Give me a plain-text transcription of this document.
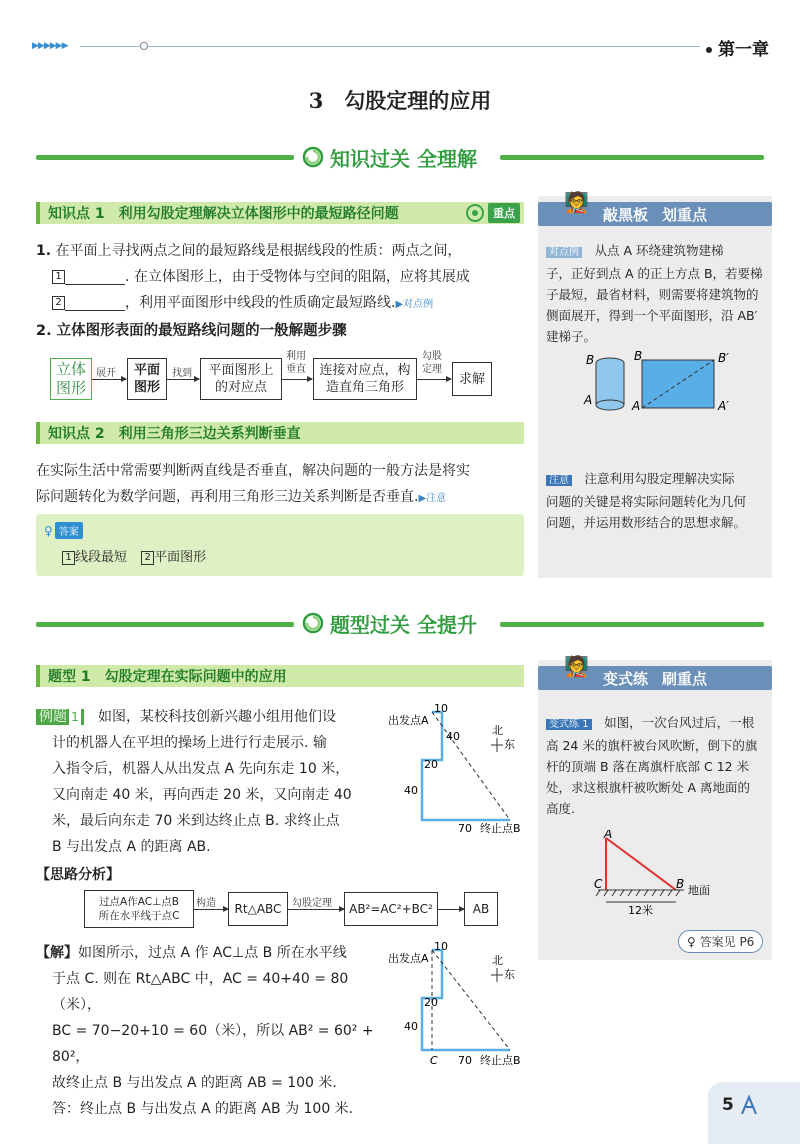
▶▶▶▶▶▶	第一章
3　勾股定理的应用
知识过关 全理解
知识点 1　利用勾股定理解决立体图形中的最短路径问题	重点
1. 在平面上寻找两点之间的最短路线是根据线段的性质：两点之间，
1	. 在立体图形上，由于受物体与空间的阻隔，应将其展成
2	，利用平面图形中线段的性质确定最短路线.▶对点例
2. 立体图形表面的最短路线问题的一般解题步骤
立体
图形
展开	平面
图形
找到	平面图形上
的对应点
利用
垂直	连接对应点，构
造直角三角形
勾股
定理
求解
知识点 2　利用三角形三边关系判断垂直
在实际生活中常需要判断两直线是否垂直，解决问题的一般方法是将实
际问题转化为数学问题，再利用三角形三边关系判断是否垂直.▶注意
♀ 答案
1 线段最短 2 平面图形
🧑‍🏫
敲黑板 划重点
对点例　 从点 A 环绕建筑物建梯
子，正好到点 A 的正上方点 B，若要梯
子最短，最省材料，则需要将建筑物的
侧面展开，得到一个平面图形，沿 AB′
建梯子。
B
A
B
A
B′
A′
注意　 注意利用勾股定理解决实际
问题的关键是将实际问题转化为几何
问题，并运用数形结合的思想求解。
题型过关 全提升
题型 1　勾股定理在实际问题中的应用
例题 1　 如图，某校科技创新兴趣小组用他们设
计的机器人在平坦的操场上进行行走展示. 输
入指令后，机器人从出发点 A 先向东走 10 米，
又向南走 40 米，再向西走 20 米，又向南走 40
米，最后向东走 70 米到达终止点 B. 求终止点
B 与出发点 A 的距离 AB.
出发点A
10
40
20
40
70 终止点B
北
东
【思路分析】
过点A作AC⊥点B
所在水平线于点C
构造	Rt△ABC	勾股定理	AB²=AC²+BC²	AB
【解】如图所示，过点 A 作 AC⊥点 B 所在水平线
于点 C. 则在 Rt△ABC 中，AC = 40+40 = 80（米），
BC = 70−20+10 = 60（米），所以 AB² = 60² + 80²，
故终止点 B 与出发点 A 的距离 AB = 100 米.
答：终止点 B 与出发点 A 的距离 AB 为 100 米.
出发点A
10
20
40
C 70 终止点B
北
东
🧑‍🏫
变式练 刷重点
变式练 1　 如图，一次台风过后，一根
高 24 米的旗杆被台风吹断，倒下的旗
杆的顶端 B 落在离旗杆底部 C 12 米
处，求这根旗杆被吹断处 A 离地面的
高度.
A
C	B 地面
12米
♀ 答案见 P6
5
